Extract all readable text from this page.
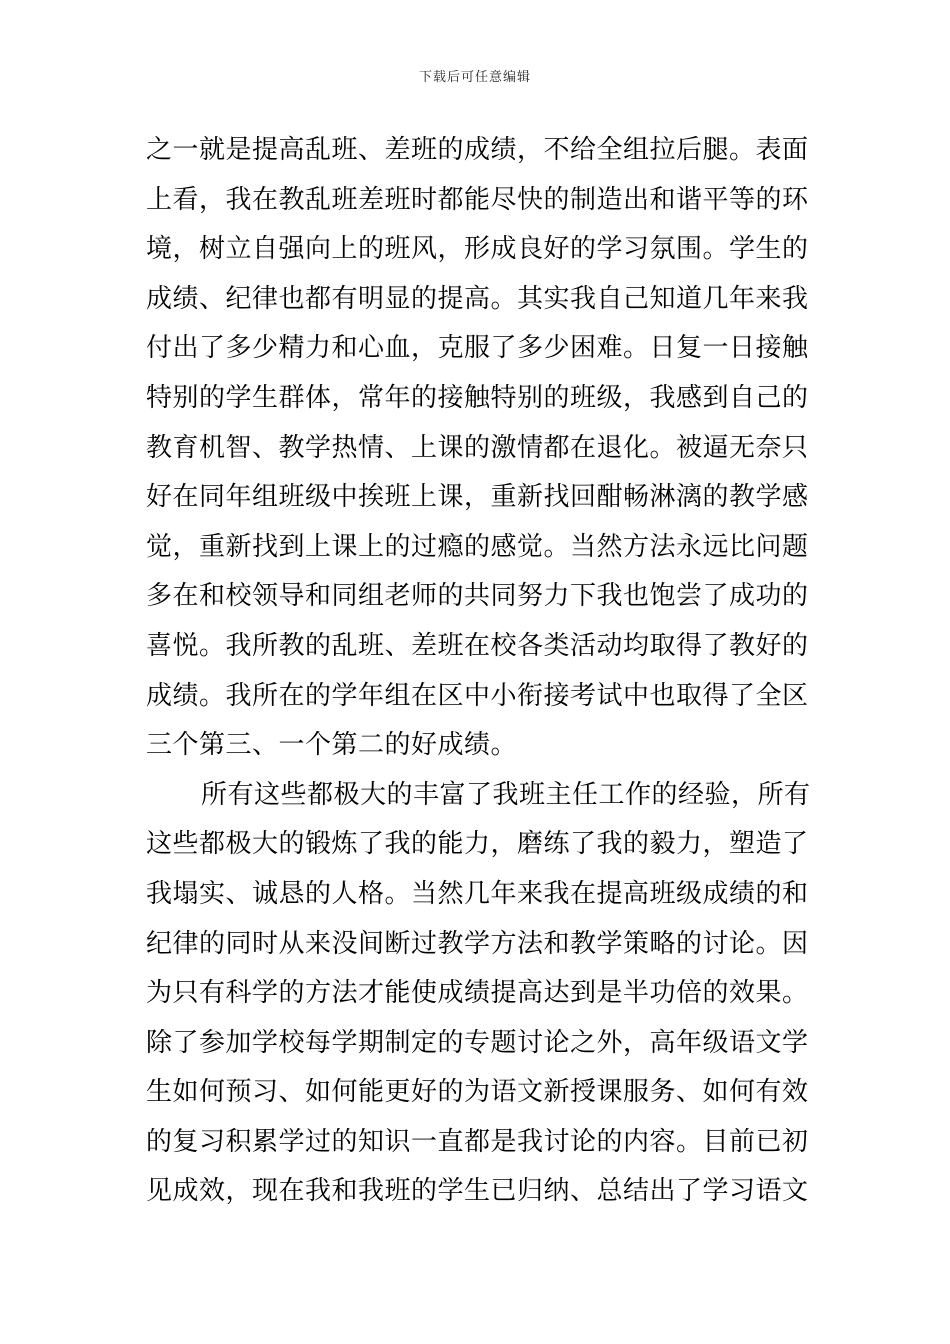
下载后可任意编辑
之一就是提高乱班、差班的成绩，不给全组拉后腿。表面
上看，我在教乱班差班时都能尽快的制造出和谐平等的环
境，树立自强向上的班风，形成良好的学习氛围。学生的
成绩、纪律也都有明显的提高。其实我自己知道几年来我
付出了多少精力和心血，克服了多少困难。日复一日接触
特别的学生群体，常年的接触特别的班级，我感到自己的
教育机智、教学热情、上课的激情都在退化。被逼无奈只
好在同年组班级中挨班上课，重新找回酣畅淋漓的教学感
觉，重新找到上课上的过瘾的感觉。当然方法永远比问题
多在和校领导和同组老师的共同努力下我也饱尝了成功的
喜悦。我所教的乱班、差班在校各类活动均取得了教好的
成绩。我所在的学年组在区中小衔接考试中也取得了全区
三个第三、一个第二的好成绩。
所有这些都极大的丰富了我班主任工作的经验，所有
这些都极大的锻炼了我的能力，磨练了我的毅力，塑造了
我塌实、诚恳的人格。当然几年来我在提高班级成绩的和
纪律的同时从来没间断过教学方法和教学策略的讨论。因
为只有科学的方法才能使成绩提高达到是半功倍的效果。
除了参加学校每学期制定的专题讨论之外，高年级语文学
生如何预习、如何能更好的为语文新授课服务、如何有效
的复习积累学过的知识一直都是我讨论的内容。目前已初
见成效，现在我和我班的学生已归纳、总结出了学习语文
